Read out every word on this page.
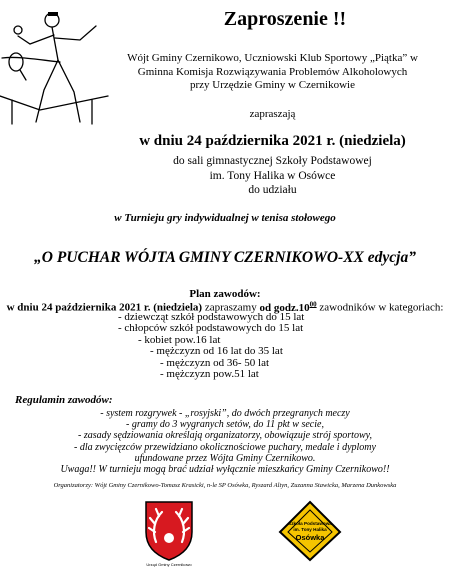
Zaproszenie !!
Wójt Gminy Czernikowo, Uczniowski Klub Sportowy „Piątka” w
Gminna Komisja Rozwiązywania Problemów Alkoholowych
przy Urzędzie Gminy w Czernikowie
zapraszają
w dniu 24 października 2021 r. (niedziela)
do sali gimnastycznej Szkoły Podstawowej
im. Tony Halika w Osówce
do udziału
w Turnieju gry indywidualnej w tenisa stołowego
„O PUCHAR WÓJTA GMINY CZERNIKOWO-XX edycja”
Plan zawodów:
w dniu 24 października 2021 r. (niedziela) zapraszamy od $godz.10^{00}$ zawodników w kategoriach:
- dziewcząt szkół podstawowych do 15 lat
- chłopców szkół podstawowych do 15 lat
- kobiet pow.16 lat
- mężczyzn od 16 lat do 35 lat
- mężczyzn od 36- 50 lat
- mężczyzn pow.51 lat
Regulamin zawodów:
- system rozgrywek - „rosyjski”, do dwóch przegranych meczy
- gramy do 3 wygranych setów, do 11 pkt w secie,
- zasady sędziowania określają organizatorzy, obowiązuje strój sportowy,
- dla zwycięzców przewidziano okolicznościowe puchary, medale i dyplomy
ufundowane przez Wójta Gminy Czernikowo.
Uwaga!! W turnieju mogą brać udział wyłącznie mieszkańcy Gminy Czernikowo!!
Organizatorzy: Wójt Gminy Czernikowo-Tomasz Krasicki, n-le SP Osówka, Ryszard Altyn, Zuzanna Stawicka, Marzena Dunkowska
Urząd Gminy Czernikowo
Szkoła Podstawowa
im. Tony Halika
Osówka
